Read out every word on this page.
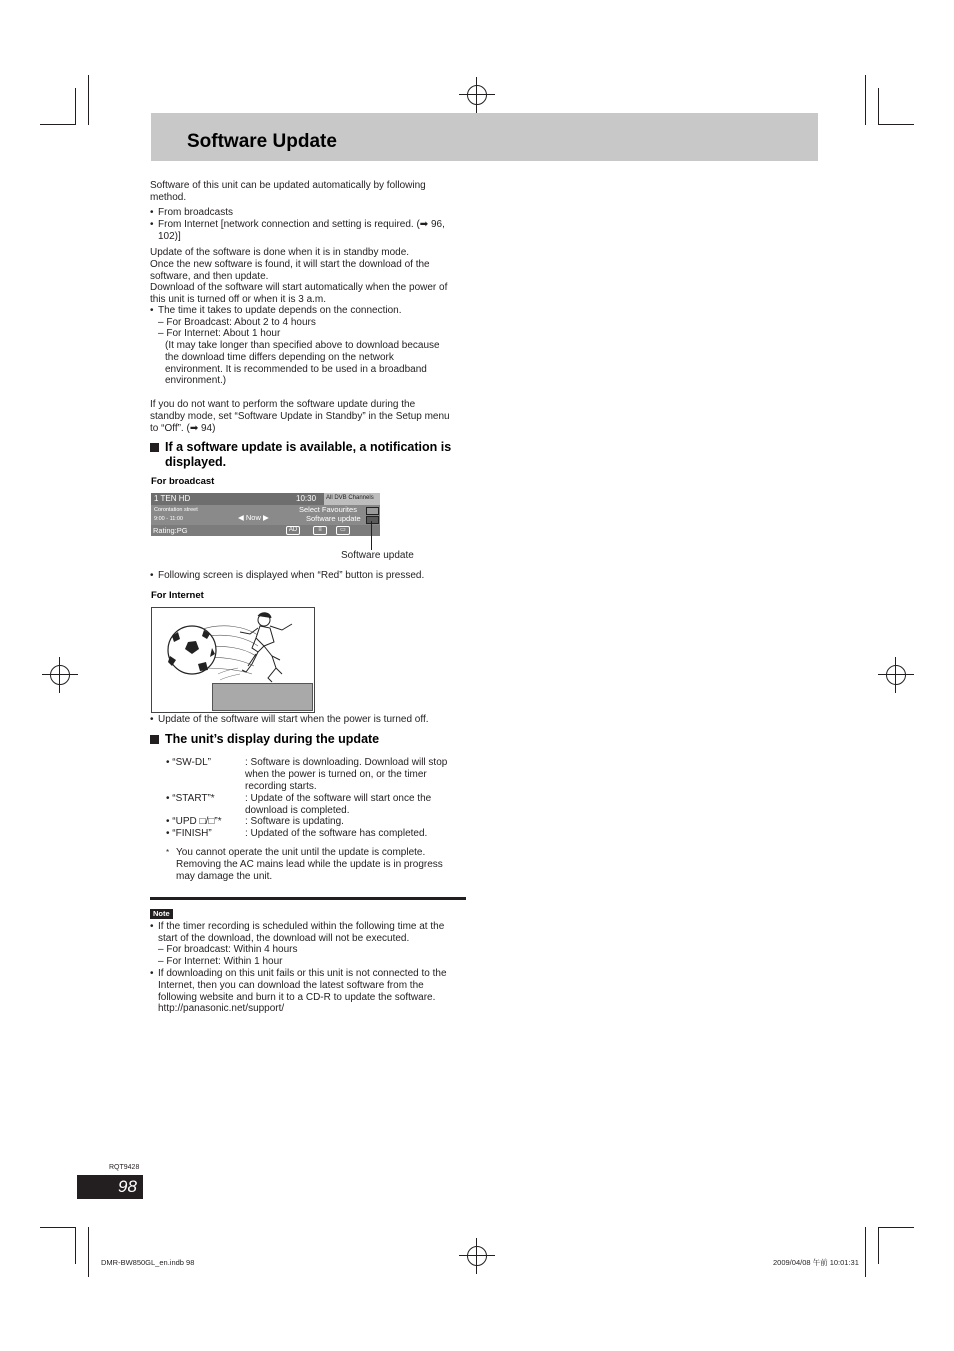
Software Update
Software of this unit can be updated automatically by following
method.
• From broadcasts
• From Internet [network connection and setting is required. (➡ 96,
102)]
Update of the software is done when it is in standby mode.
Once the new software is found, it will start the download of the
software, and then update.
Download of the software will start automatically when the power of
this unit is turned off or when it is 3 a.m.
• The time it takes to update depends on the connection.
– For Broadcast: About 2 to 4 hours
– For Internet: About 1 hour
(It may take longer than specified above to download because
the download time differs depending on the network
environment. It is recommended to be used in a broadband
environment.)
If you do not want to perform the software update during the
standby mode, set “Software Update in Standby” in the Setup menu
to “Off”. (➡ 94)
If a software update is available, a notification is displayed.
For broadcast
1 TEN HD	10:30 All DVB Channels
Corontation street
9:00 - 11:00	◀ Now ▶
Select Favourites
Software update
Rating:PG	AD	≡	▭
Software update
• Following screen is displayed when “Red” button is pressed.
For Internet
• Update of the software will start when the power is turned off.
The unit’s display during the update
• “SW-DL”	: Software is downloading. Download will stop
when the power is turned on, or the timer
recording starts.
• “START”*	: Update of the software will start once the
download is completed.
• “UPD □/□”* : Software is updating.
• “FINISH”	: Updated of the software has completed.
* You cannot operate the unit until the update is complete.
Removing the AC mains lead while the update is in progress
may damage the unit.
Note
• If the timer recording is scheduled within the following time at the
start of the download, the download will not be executed.
– For broadcast: Within 4 hours
– For Internet: Within 1 hour
• If downloading on this unit fails or this unit is not connected to the
Internet, then you can download the latest software from the
following website and burn it to a CD-R to update the software.
http://panasonic.net/support/
RQT9428
98
DMR-BW850GL_en.indb 98	2009/04/08 午前 10:01:31
